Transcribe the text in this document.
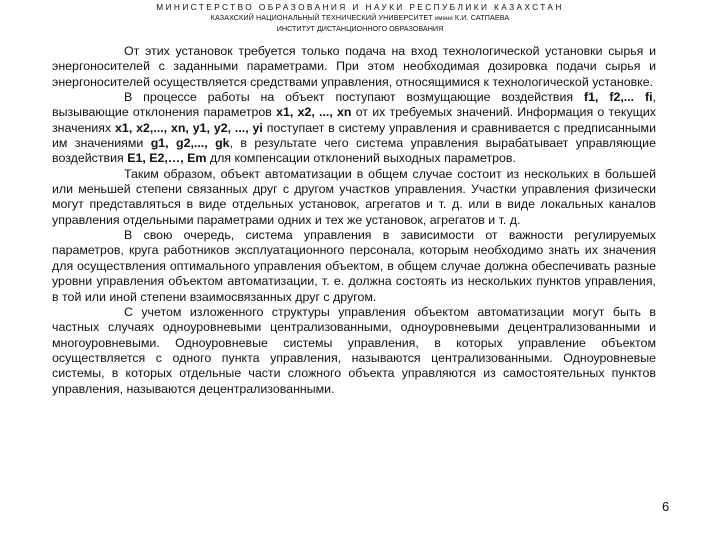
МИНИСТЕРСТВО ОБРАЗОВАНИЯ И НАУКИ РЕСПУБЛИКИ КАЗАХСТАН
КАЗАХСКИЙ НАЦИОНАЛЬНЫЙ ТЕХНИЧЕСКИЙ УНИВЕРСИТЕТ имени К.И. САТПАЕВА
ИНСТИТУТ ДИСТАНЦИОННОГО ОБРАЗОВАНИЯ

От этих установок требуется только подача на вход технологической установки сырья и энергоносителей с заданными параметрами. При этом необходимая дозировка подачи сырья и энергоносителей осуществляется средствами управления, относящимися к технологической установке.

В процессе работы на объект поступают возмущающие воздействия f1, f2,... fi, вызывающие отклонения параметров x1, x2, ..., xn от их требуемых значений. Информация о текущих значениях x1, x2,..., xn, y1, y2, ..., yi поступает в систему управления и сравнивается с предписанными им значениями g1, g2,..., gk, в результате чего система управления вырабатывает управляющие воздействия E1, E2,…, Em для компенсации отклонений выходных параметров.

Таким образом, объект автоматизации в общем случае состоит из нескольких в большей или меньшей степени связанных друг с другом участков управления. Участки управления физически могут представляться в виде отдельных установок, агрегатов и т. д. или в виде локальных каналов управления отдельными параметрами одних и тех же установок, агрегатов и т. д.

В свою очередь, система управления в зависимости от важности регулируемых параметров, круга работников эксплуатационного персонала, которым необходимо знать их значения для осуществления оптимального управления объектом, в общем случае должна обеспечивать разные уровни управления объектом автоматизации, т. е. должна состоять из нескольких пунктов управления, в той или иной степени взаимосвязанных друг с другом.

С учетом изложенного структуры управления объектом автоматизации могут быть в частных случаях одноуровневыми централизованными, одноуровневыми децентрализованными и многоуровневыми. Одноуровневые системы управления, в которых управление объектом осуществляется с одного пункта управления, называются централизованными. Одноуровневые системы, в которых отдельные части сложного объекта управляются из самостоятельных пунктов управления, называются децентрализованными.

6
